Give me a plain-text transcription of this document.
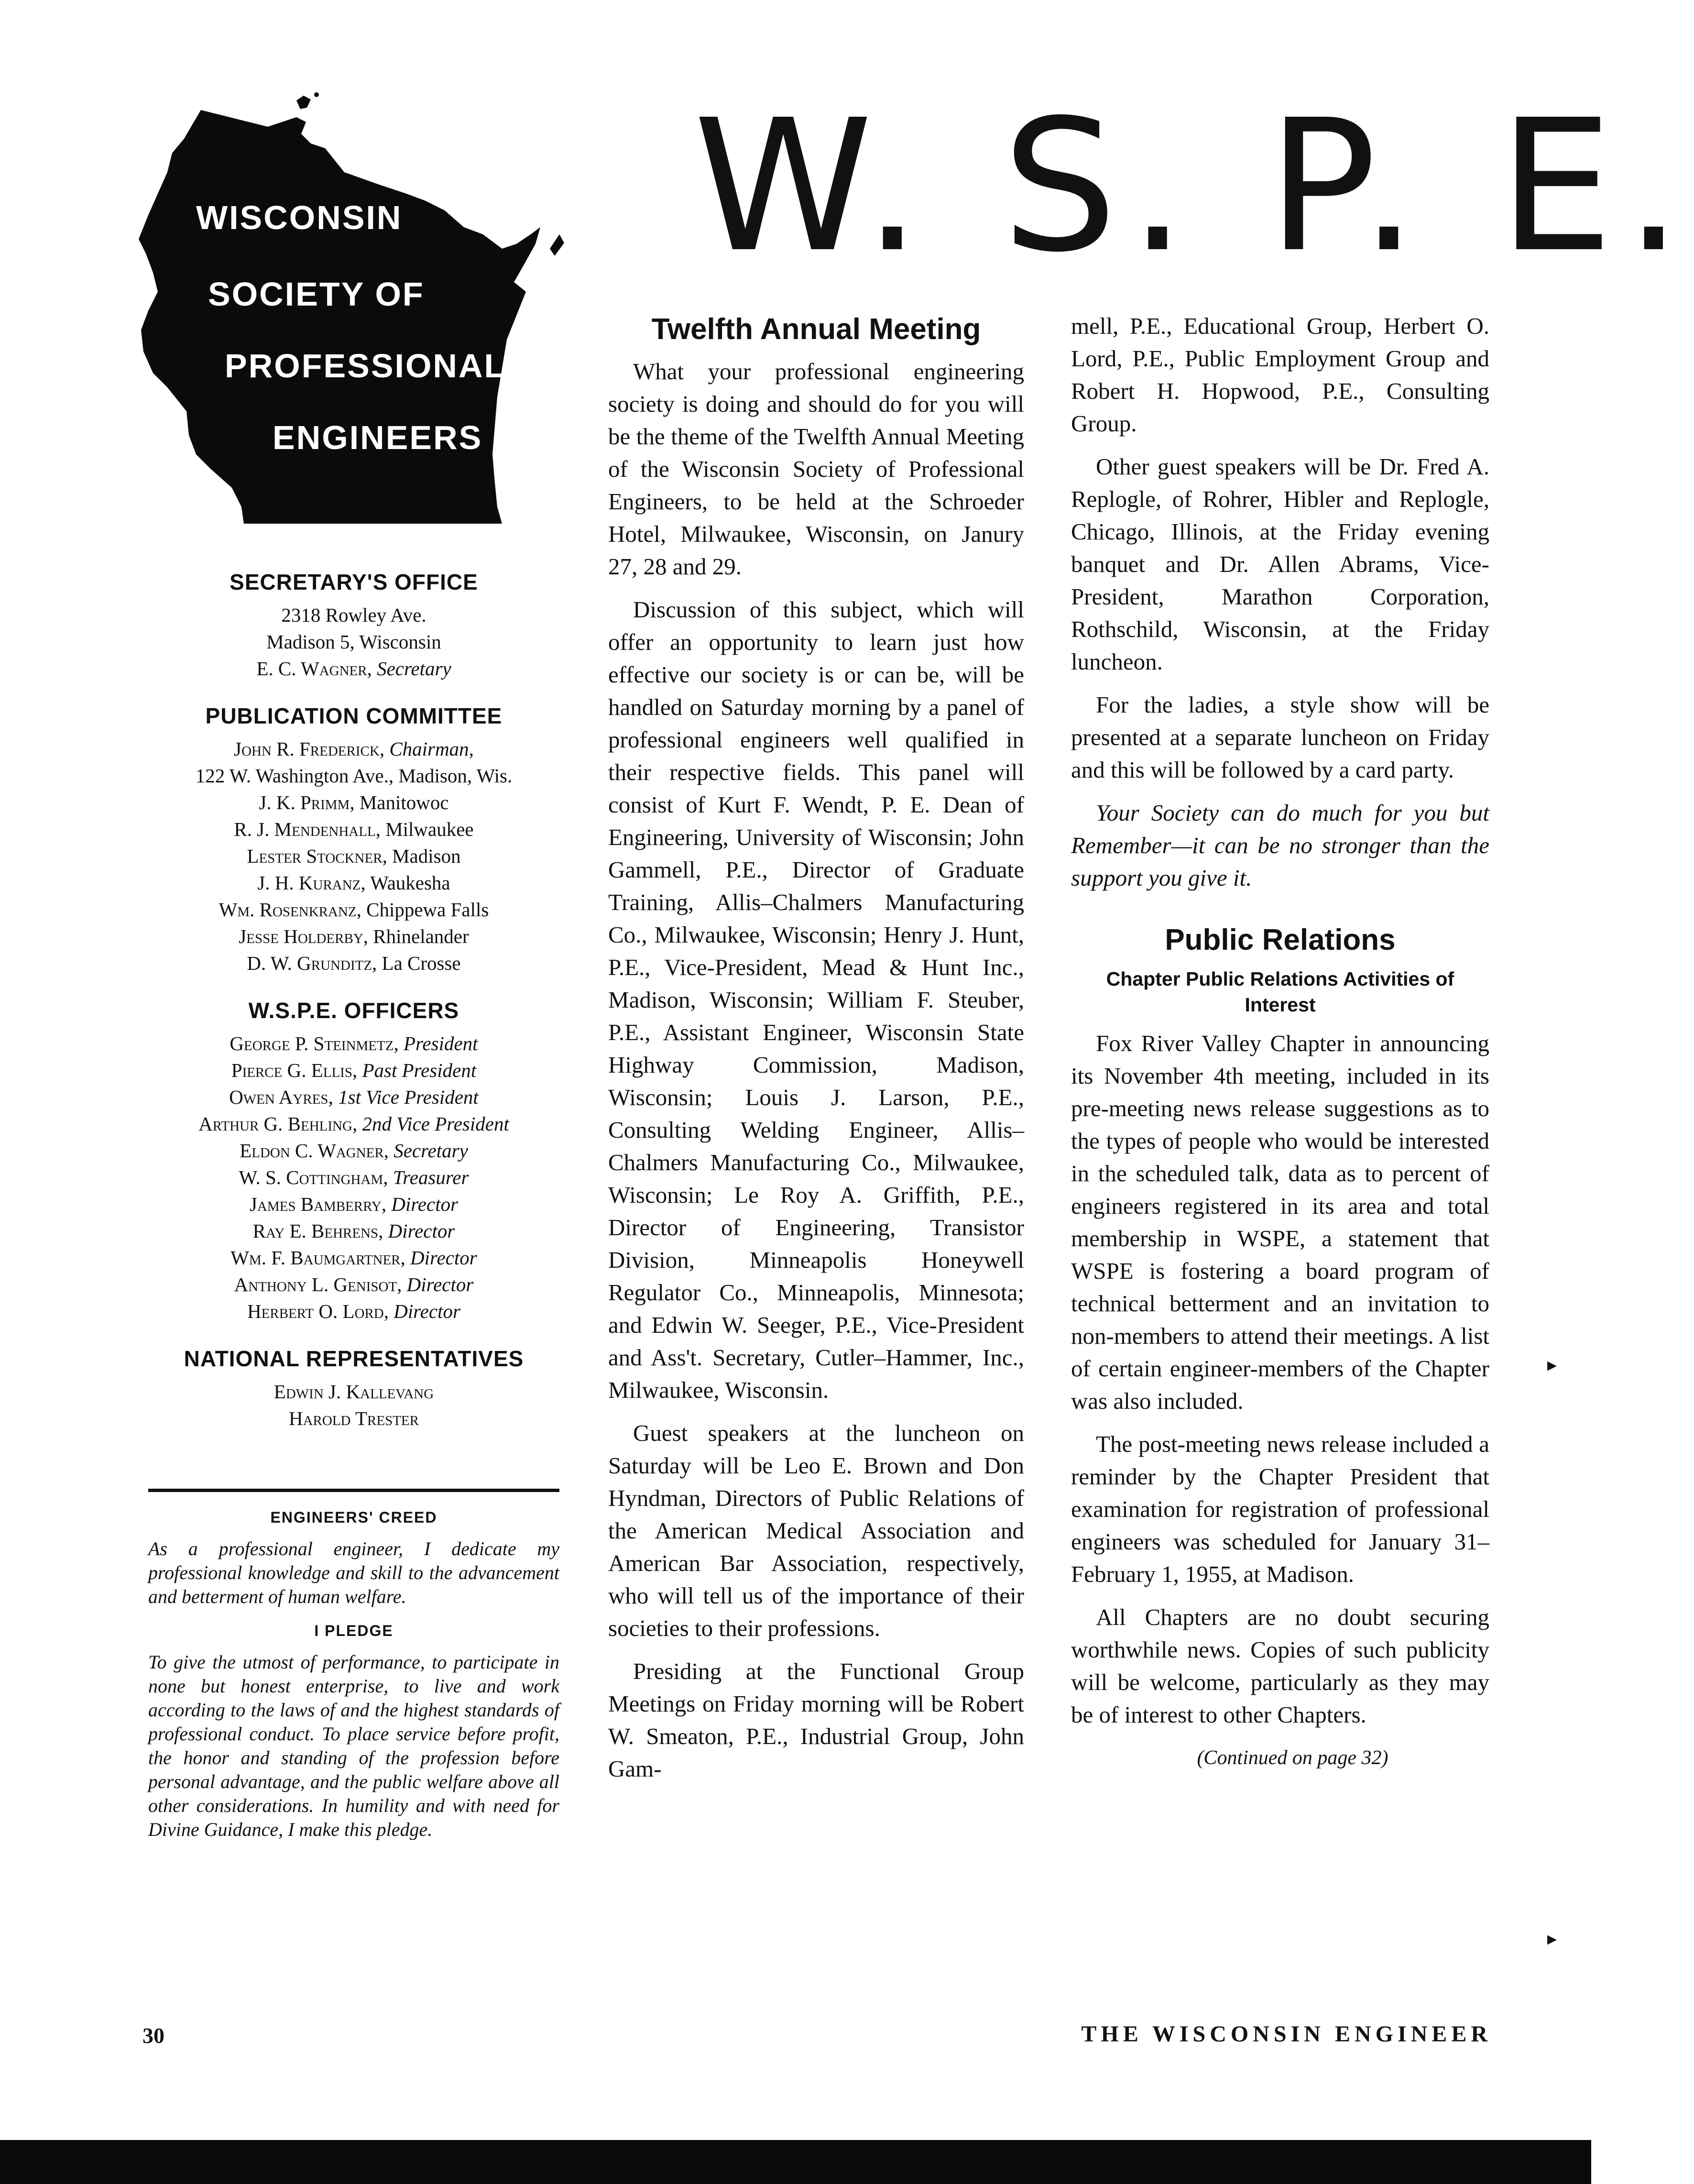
WISCONSIN
SOCIETY OF
PROFESSIONAL
ENGINEERS
W. S. P. E.
SECRETARY'S OFFICE
2318 Rowley Ave.
Madison 5, Wisconsin
E. C. Wagner, Secretary
PUBLICATION COMMITTEE
John R. Frederick, Chairman,
122 W. Washington Ave., Madison, Wis.
J. K. Primm, Manitowoc
R. J. Mendenhall, Milwaukee
Lester Stockner, Madison
J. H. Kuranz, Waukesha
Wm. Rosenkranz, Chippewa Falls
Jesse Holderby, Rhinelander
D. W. Grunditz, La Crosse
W.S.P.E. OFFICERS
George P. Steinmetz, President
Pierce G. Ellis, Past President
Owen Ayres, 1st Vice President
Arthur G. Behling, 2nd Vice President
Eldon C. Wagner, Secretary
W. S. Cottingham, Treasurer
James Bamberry, Director
Ray E. Behrens, Director
Wm. F. Baumgartner, Director
Anthony L. Genisot, Director
Herbert O. Lord, Director
NATIONAL REPRESENTATIVES
Edwin J. Kallevang
Harold Trester
ENGINEERS' CREED

As a professional engineer, I dedicate my professional knowledge and skill to the advancement and betterment of human welfare.

I PLEDGE

To give the utmost of performance, to participate in none but honest enterprise, to live and work according to the laws of and the highest standards of professional conduct. To place service before profit, the honor and standing of the profession before personal advantage, and the public welfare above all other considerations. In humility and with need for Divine Guidance, I make this pledge.

Twelfth Annual Meeting

What your professional engineering society is doing and should do for you will be the theme of the Twelfth Annual Meeting of the Wisconsin Society of Professional Engineers, to be held at the Schroeder Hotel, Milwaukee, Wisconsin, on Janury 27, 28 and 29.

Discussion of this subject, which will offer an opportunity to learn just how effective our society is or can be, will be handled on Saturday morning by a panel of professional engineers well qualified in their respective fields. This panel will consist of Kurt F. Wendt, P. E. Dean of Engineering, University of Wisconsin; John Gammell, P.E., Director of Graduate Training, Allis–Chalmers Manufacturing Co., Milwaukee, Wisconsin; Henry J. Hunt, P.E., Vice-President, Mead & Hunt Inc., Madison, Wisconsin; William F. Steuber, P.E., Assistant Engineer, Wisconsin State Highway Commission, Madison, Wisconsin; Louis J. Larson, P.E., Consulting Welding Engineer, Allis–Chalmers Manufacturing Co., Milwaukee, Wisconsin; Le Roy A. Griffith, P.E., Director of Engineering, Transistor Division, Minneapolis Honeywell Regulator Co., Minneapolis, Minnesota; and Edwin W. Seeger, P.E., Vice-President and Ass't. Secretary, Cutler–Hammer, Inc., Milwaukee, Wisconsin.

Guest speakers at the luncheon on Saturday will be Leo E. Brown and Don Hyndman, Directors of Public Relations of the American Medical Association and American Bar Association, respectively, who will tell us of the importance of their societies to their professions.

Presiding at the Functional Group Meetings on Friday morning will be Robert W. Smeaton, P.E., Industrial Group, John Gam-

mell, P.E., Educational Group, Herbert O. Lord, P.E., Public Employment Group and Robert H. Hopwood, P.E., Consulting Group.

Other guest speakers will be Dr. Fred A. Replogle, of Rohrer, Hibler and Replogle, Chicago, Illinois, at the Friday evening banquet and Dr. Allen Abrams, Vice-President, Marathon Corporation, Rothschild, Wisconsin, at the Friday luncheon.

For the ladies, a style show will be presented at a separate luncheon on Friday and this will be followed by a card party.

Your Society can do much for you but Remember—it can be no stronger than the support you give it.

Public Relations
Chapter Public Relations Activities of Interest

Fox River Valley Chapter in announcing its November 4th meeting, included in its pre-meeting news release suggestions as to the types of people who would be interested in the scheduled talk, data as to percent of engineers registered in its area and total membership in WSPE, a statement that WSPE is fostering a board program of technical betterment and an invitation to non-members to attend their meetings. A list of certain engineer-members of the Chapter was also included.

The post-meeting news release included a reminder by the Chapter President that examination for registration of professional engineers was scheduled for January 31–February 1, 1955, at Madison.

All Chapters are no doubt securing worthwhile news. Copies of such publicity will be welcome, particularly as they may be of interest to other Chapters.

(Continued on page 32)

30	THE WISCONSIN ENGINEER
▸
▸
